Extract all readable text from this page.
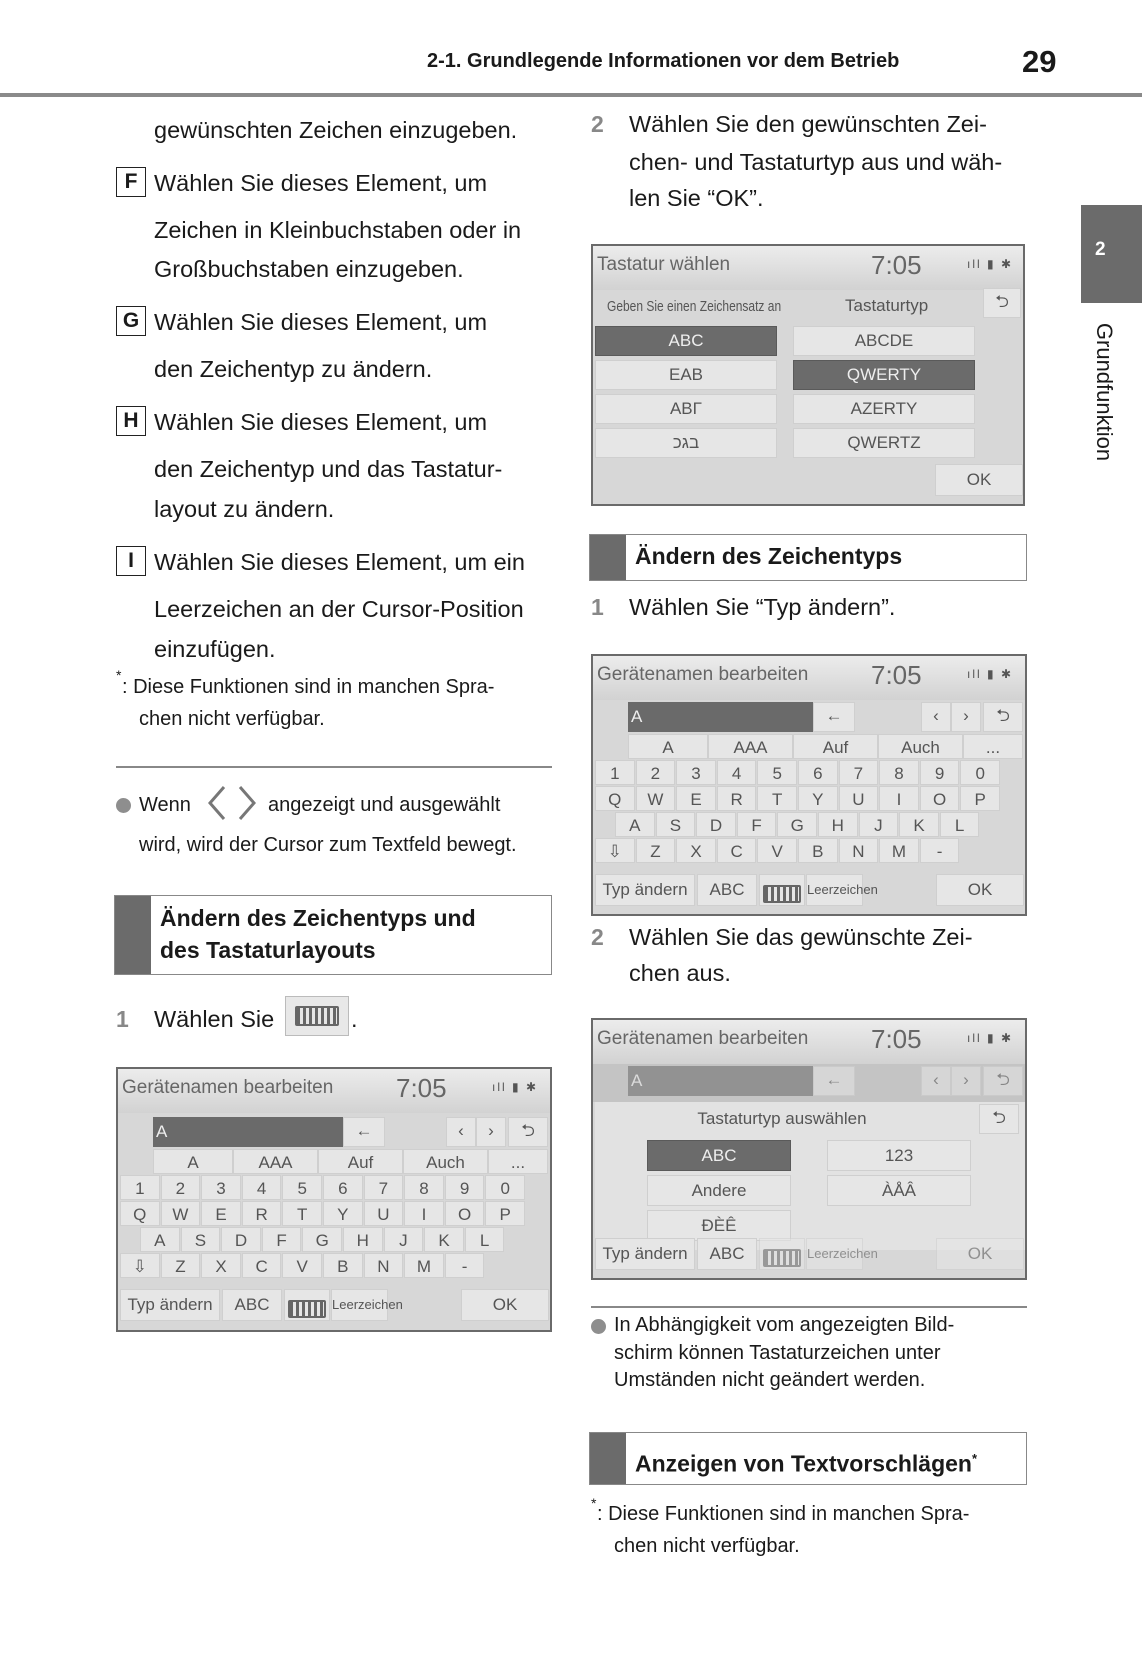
2-1. Grundlegende Informationen vor dem Betrieb	29
2
Grundfunktion
gewünschten Zeichen einzugeben.
F Wählen Sie dieses Element, um
Zeichen in Kleinbuchstaben oder in
Großbuchstaben einzugeben.
G Wählen Sie dieses Element, um
den Zeichentyp zu ändern.
H Wählen Sie dieses Element, um
den Zeichentyp und das Tastatur-
layout zu ändern.
I Wählen Sie dieses Element, um ein
Leerzeichen an der Cursor-Position
einzufügen.
*
: Diese Funktionen sind in manchen Spra-
chen nicht verfügbar.
Wenn	angezeigt und ausgewählt
wird, wird der Cursor zum Textfeld bewegt.
Ändern des Zeichentyps und
des Tastaturlayouts
1 Wählen Sie	.
Gerätenamen bearbeiten 7:05	ıll ▮ ✱
A	←	‹	›	⮌
A	AAA	Auf	Auch	...
1	2	3	4	5	6	7	8	9	0
Q	W	E	R	T	Y	U	I	O	P
A	S	D	F	G	H	J	K	L
⇩	Z	X	C	V	B	N	M	-
Typ ändern	ABC	Leerzeichen	OK
2 Wählen Sie den gewünschten Zei-
chen- und Tastaturtyp aus und wäh-
len Sie “OK”.
Tastatur wählen	7:05	ıll ▮ ✱
Geben Sie einen Zeichensatz an	Tastaturtyp	⮌
ABC
ΕΑΒ
ΑΒΓ
בגכ
ABCDE
QWERTY
AZERTY
QWERTZ
OK
Ändern des Zeichentyps
1 Wählen Sie “Typ ändern”.
Gerätenamen bearbeiten 7:05	ıll ▮ ✱
A	←	‹	›	⮌
A	AAA	Auf	Auch	...
1	2	3	4	5	6	7	8	9	0
Q	W	E	R	T	Y	U	I	O	P
A	S	D	F	G	H	J	K	L
⇩	Z	X	C	V	B	N	M	-
Typ ändern	ABC	Leerzeichen	OK
2 Wählen Sie das gewünschte Zei-
chen aus.
Gerätenamen bearbeiten 7:05	ıll ▮ ✱
A	←	‹	›	⮌
Tastaturtyp auswählen	⮌
ABC	123
Andere	ÀÅÂ
ÐÈÊ
Typ ändern	ABC	Leerzeichen	OK
In Abhängigkeit vom angezeigten Bild-
schirm können Tastaturzeichen unter
Umständen nicht geändert werden.
Anzeigen von Textvorschlägen*
* : Diese Funktionen sind in manchen Spra-
chen nicht verfügbar.
